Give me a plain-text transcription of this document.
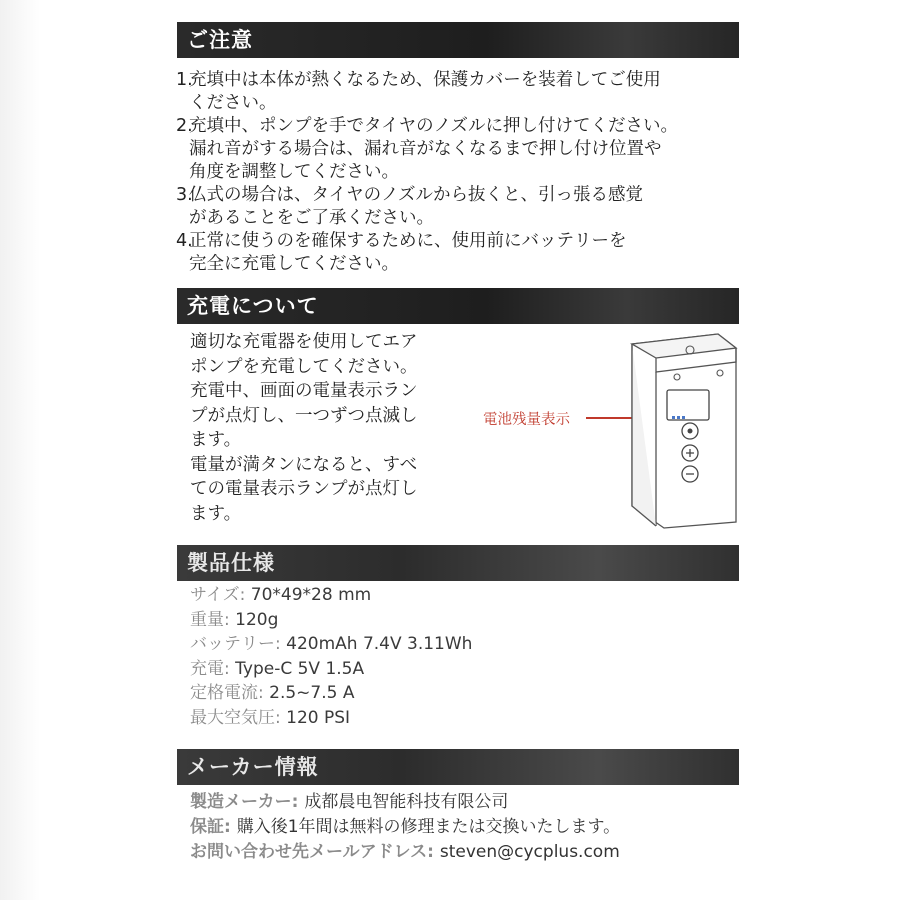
ご注意

1.充填中は本体が熱くなるため、保護カバーを装着してご使用
ください。

2.充填中、ポンプを手でタイヤのノズルに押し付けてください。
漏れ音がする場合は、漏れ音がなくなるまで押し付け位置や
角度を調整してください。

3.仏式の場合は、タイヤのノズルから抜くと、引っ張る感覚
があることをご了承ください。

4.正常に使うのを確保するために、使用前にバッテリーを
完全に充電してください。

充電について
適切な充電器を使用してエア
ポンプを充電してください。
充電中、画面の電量表示ラン
プが点灯し、一つずつ点滅し
ます。
電量が満タンになると、すべ
ての電量表示ランプが点灯し
ます。
電池残量表示
製品仕様
サイズ: 70*49*28 mm
重量: 120g
バッテリー: 420mAh 7.4V 3.11Wh
充電: Type-C 5V 1.5A
定格電流: 2.5~7.5 A
最大空気圧: 120 PSI
メーカー情報
製造メーカー: 成都晨电智能科技有限公司
保証: 購入後1年間は無料の修理または交換いたします。
お問い合わせ先メールアドレス: steven@cycplus.com
